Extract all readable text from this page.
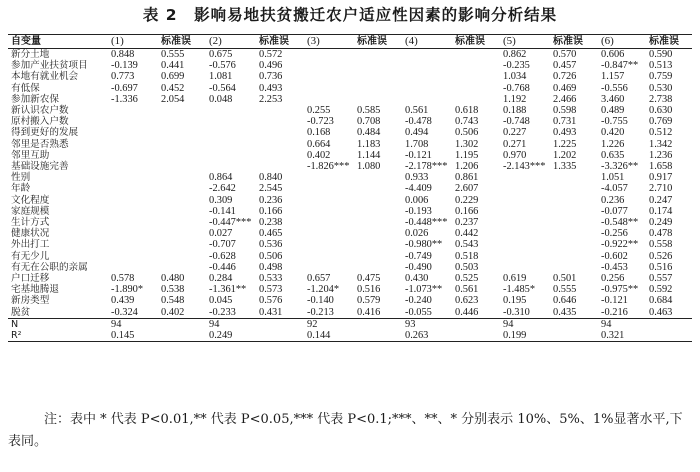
表 2　影响易地扶贫搬迁农户适应性因素的影响分析结果
自变量	(1)	标准误	(2)	标准误	(3)	标准误	(4)	标准误	(5)	标准误	(6)	标准误
新分土地	0.848	0.555	0.675	0.572					0.862	0.570	0.606	0.590
参加产业扶贫项目	-0.139	0.441	-0.576	0.496					-0.235	0.457	-0.847**	0.513
本地有就业机会	0.773	0.699	1.081	0.736					1.034	0.726	1.157	0.759
有低保	-0.697	0.452	-0.564	0.493					-0.768	0.469	-0.556	0.530
参加新农保	-1.336	2.054	0.048	2.253					1.192	2.466	3.460	2.738
新认识农户数					0.255	0.585	0.561	0.618	0.188	0.598	0.489	0.630
原村搬入户数					-0.723	0.708	-0.478	0.743	-0.748	0.731	-0.755	0.769
得到更好的发展					0.168	0.484	0.494	0.506	0.227	0.493	0.420	0.512
邻里是否熟悉					0.664	1.183	1.708	1.302	0.271	1.225	1.226	1.342
邻里互助					0.402	1.144	-0.121	1.195	0.970	1.202	0.635	1.236
基础设施完善					-1.826***	1.080	-2.178***	1.206	-2.143***	1.335	-3.326**	1.658
性别			0.864	0.840			0.933	0.861			1.051	0.917
年龄			-2.642	2.545			-4.409	2.607			-4.057	2.710
文化程度			0.309	0.236			0.006	0.229			0.236	0.247
家庭规模			-0.141	0.166			-0.193	0.166			-0.077	0.174
生计方式			-0.447***	0.238			-0.448***	0.237			-0.548**	0.249
健康状况			0.027	0.465			0.026	0.442			-0.256	0.478
外出打工			-0.707	0.536			-0.980**	0.543			-0.922**	0.558
有无少儿			-0.628	0.506			-0.749	0.518			-0.602	0.526
有无在公职的亲属			-0.446	0.498			-0.490	0.503			-0.453	0.516
户口迁移	0.578	0.480	0.284	0.533	0.657	0.475	0.430	0.525	0.619	0.501	0.256	0.557
宅基地腾退	-1.890*	0.538	-1.361**	0.573	-1.204*	0.516	-1.073**	0.561	-1.485*	0.555	-0.975**	0.592
新房类型	0.439	0.548	0.045	0.576	-0.140	0.579	-0.240	0.623	0.195	0.646	-0.121	0.684
脱贫	-0.324	0.402	-0.233	0.431	-0.213	0.416	-0.055	0.446	-0.310	0.435	-0.216	0.463
N	94		94		92		93		94		94	
R²	0.145		0.249		0.144		0.263		0.199		0.321	
注：表中 * 代表 P<0.01,** 代表 P<0.05,*** 代表 P<0.1;***、**、* 分别表示 10%、5%、1%显著水平,下表同。
